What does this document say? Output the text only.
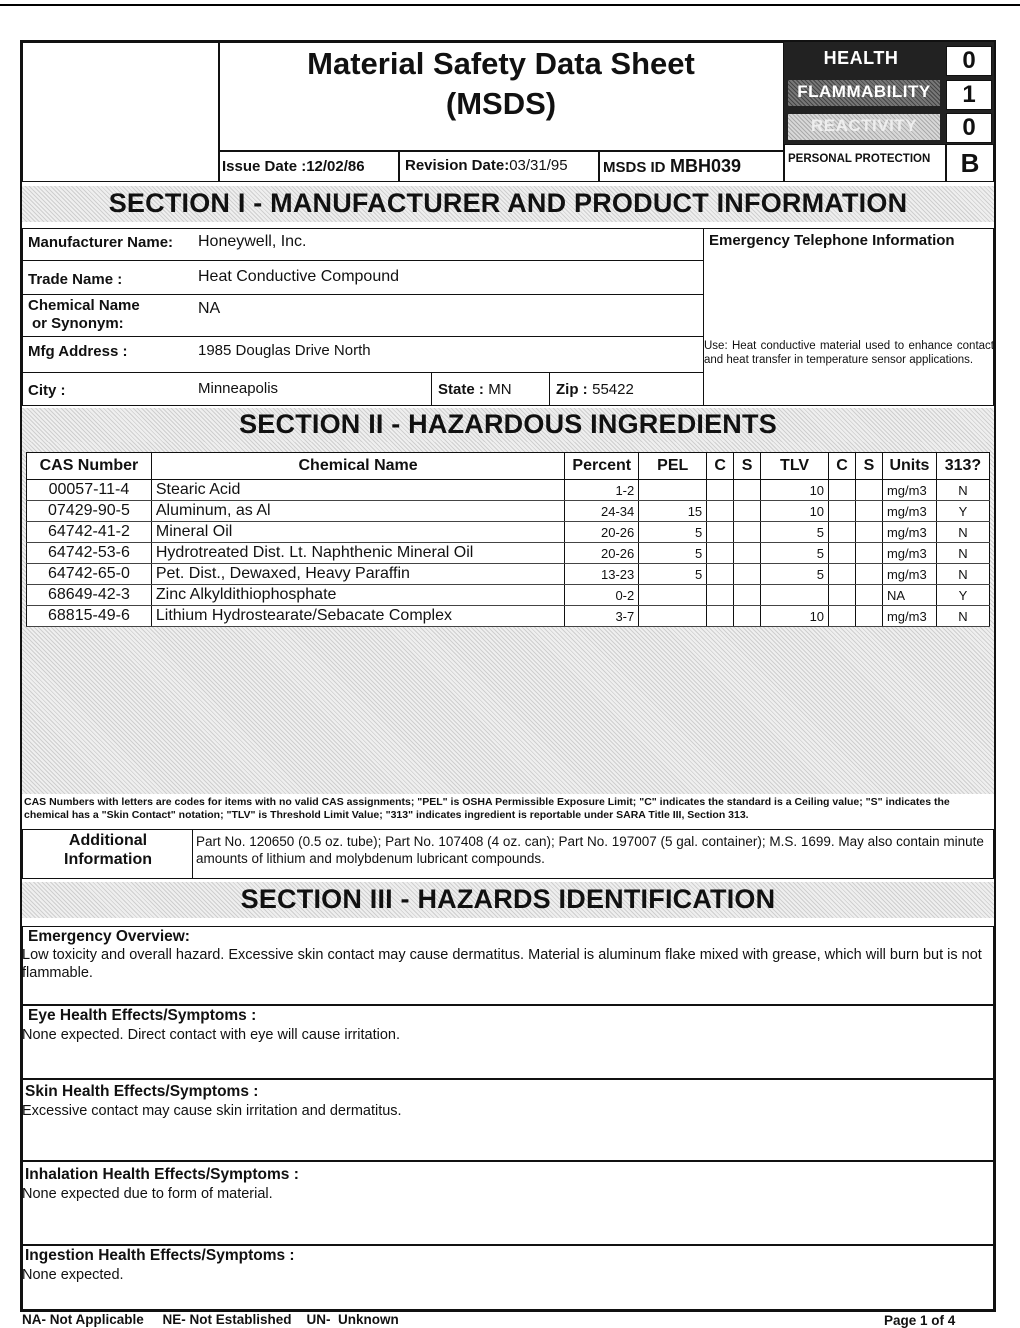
Material Safety Data Sheet
(MSDS)
Issue Date :12/02/86	Revision Date:03/31/95 MSDS ID MBH039
HEALTH	0
FLAMMABILITY	1
REACTIVITY	0
PERSONAL PROTECTION	B
SECTION I - MANUFACTURER AND PRODUCT INFORMATION
Emergency Telephone Information
Use: Heat conductive material used to enhance contact and heat transfer in temperature sensor applications.
Manufacturer Name: Honeywell, Inc.
Trade Name :	Heat Conductive Compound
Chemical Name
or Synonym:
NA
Mfg Address :	1985 Douglas Drive North
City :	Minneapolis	State : MN	Zip : 55422
SECTION II - HAZARDOUS INGREDIENTS
CAS Number	Chemical Name	Percent	PEL	C	S	TLV	C	S	Units	313?
00057-11-4	Stearic Acid	1-2				10			mg/m3	N
07429-90-5	Aluminum, as Al	24-34	15			10			mg/m3	Y
64742-41-2	Mineral Oil	20-26	5			5			mg/m3	N
64742-53-6	Hydrotreated Dist. Lt. Naphthenic Mineral Oil	20-26	5			5			mg/m3	N
64742-65-0	Pet. Dist., Dewaxed, Heavy Paraffin	13-23	5			5			mg/m3	N
68649-42-3	Zinc Alkyldithiophosphate	0-2							NA	Y
68815-49-6	Lithium Hydrostearate/Sebacate Complex	3-7				10			mg/m3	N
CAS Numbers with letters are codes for items with no valid CAS assignments; "PEL" is OSHA Permissible Exposure Limit; "C" indicates the standard is a Ceiling value; "S" indicates the chemical has a "Skin Contact" notation; "TLV" is Threshold Limit Value; "313" indicates ingredient is reportable under SARA Title III, Section 313.
Additional
Information
Part No. 120650 (0.5 oz. tube); Part No. 107408 (4 oz. can); Part No. 197007 (5 gal. container); M.S. 1699. May also contain minute amounts of lithium and molybdenum lubricant compounds.
SECTION III - HAZARDS IDENTIFICATION
Emergency Overview:
Low toxicity and overall hazard. Excessive skin contact may cause dermatitus. Material is aluminum flake mixed with grease, which will burn but is not flammable.
Eye Health Effects/Symptoms :
None expected. Direct contact with eye will cause irritation.
Skin Health Effects/Symptoms :
Excessive contact may cause skin irritation and dermatitus.
Inhalation Health Effects/Symptoms :
None expected due to form of material.
Ingestion Health Effects/Symptoms :
None expected.
NA- Not Applicable     NE- Not Established    UN-  Unknown	Page 1 of 4
